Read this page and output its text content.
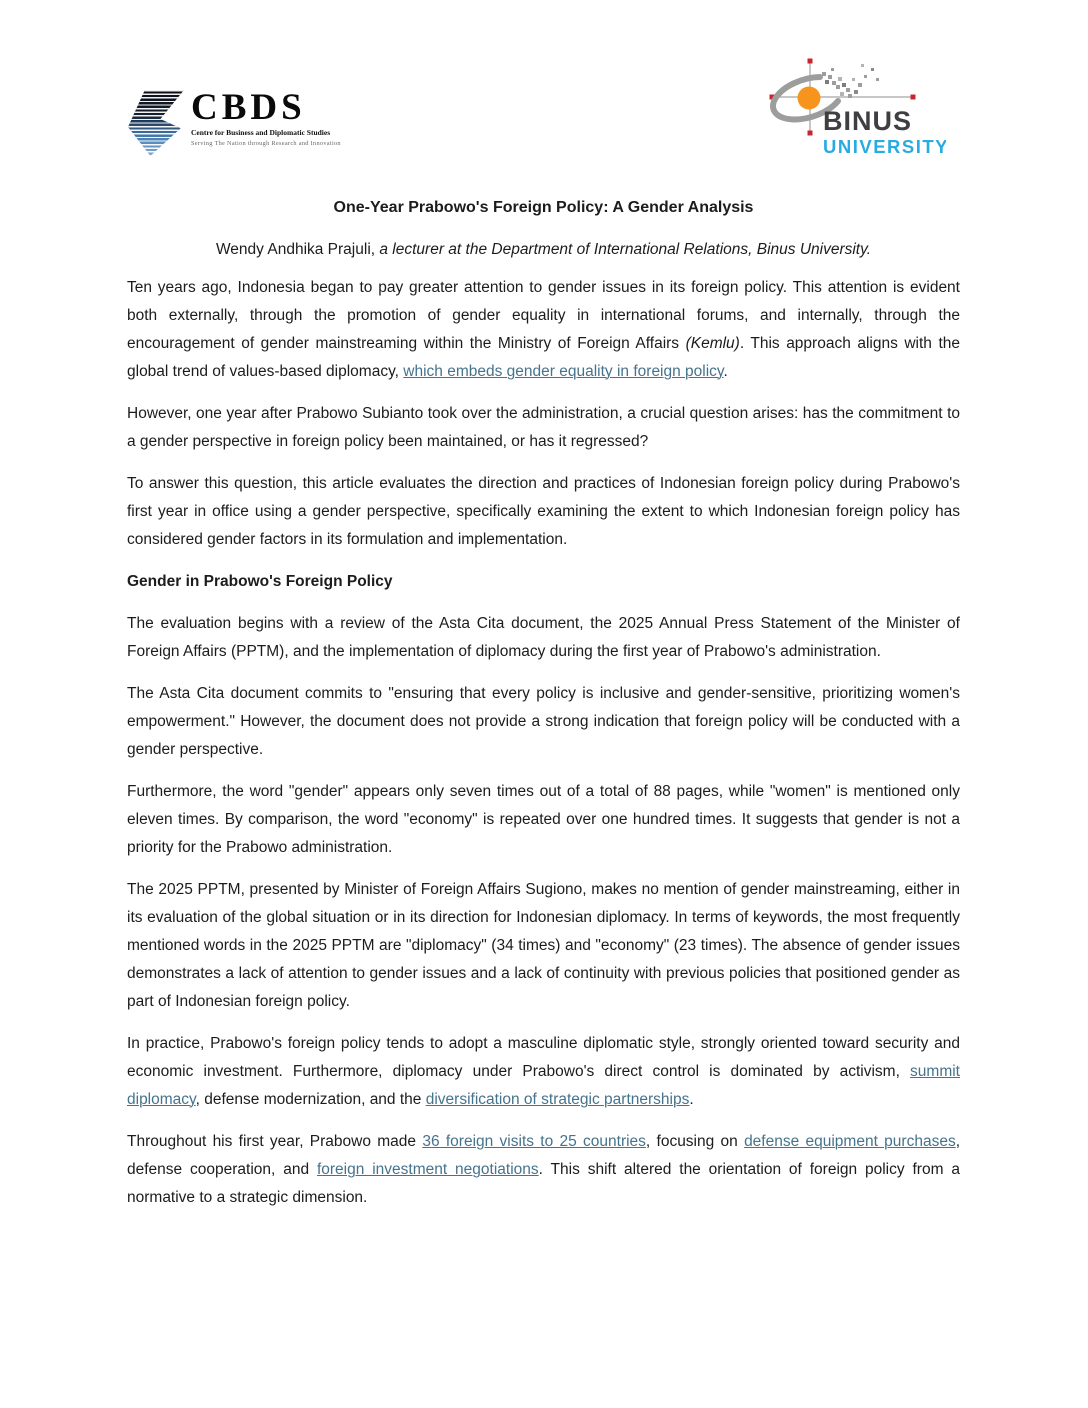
CBDS
Centre for Business and Diplomatic Studies
Serving The Nation through Research and Innovation
BINUS
UNIVERSITY

One-Year Prabowo's Foreign Policy: A Gender Analysis

Wendy Andhika Prajuli, a lecturer at the Department of International Relations, Binus University.

Ten years ago, Indonesia began to pay greater attention to gender issues in its foreign policy. This attention is evident both externally, through the promotion of gender equality in international forums, and internally, through the encouragement of gender mainstreaming within the Ministry of Foreign Affairs (Kemlu). This approach aligns with the global trend of values-based diplomacy, which embeds gender equality in foreign policy.

However, one year after Prabowo Subianto took over the administration, a crucial question arises: has the commitment to a gender perspective in foreign policy been maintained, or has it regressed?

To answer this question, this article evaluates the direction and practices of Indonesian foreign policy during Prabowo's first year in office using a gender perspective, specifically examining the extent to which Indonesian foreign policy has considered gender factors in its formulation and implementation.

Gender in Prabowo's Foreign Policy

The evaluation begins with a review of the Asta Cita document, the 2025 Annual Press Statement of the Minister of Foreign Affairs (PPTM), and the implementation of diplomacy during the first year of Prabowo's administration.

The Asta Cita document commits to "ensuring that every policy is inclusive and gender-sensitive, prioritizing women's empowerment." However, the document does not provide a strong indication that foreign policy will be conducted with a gender perspective.

Furthermore, the word "gender" appears only seven times out of a total of 88 pages, while "women" is mentioned only eleven times. By comparison, the word "economy" is repeated over one hundred times. It suggests that gender is not a priority for the Prabowo administration.

The 2025 PPTM, presented by Minister of Foreign Affairs Sugiono, makes no mention of gender mainstreaming, either in its evaluation of the global situation or in its direction for Indonesian diplomacy. In terms of keywords, the most frequently mentioned words in the 2025 PPTM are "diplomacy" (34 times) and "economy" (23 times). The absence of gender issues demonstrates a lack of attention to gender issues and a lack of continuity with previous policies that positioned gender as part of Indonesian foreign policy.

In practice, Prabowo's foreign policy tends to adopt a masculine diplomatic style, strongly oriented toward security and economic investment. Furthermore, diplomacy under Prabowo's direct control is dominated by activism, summit diplomacy, defense modernization, and the diversification of strategic partnerships.

Throughout his first year, Prabowo made 36 foreign visits to 25 countries, focusing on defense equipment purchases, defense cooperation, and foreign investment negotiations. This shift altered the orientation of foreign policy from a normative to a strategic dimension.
